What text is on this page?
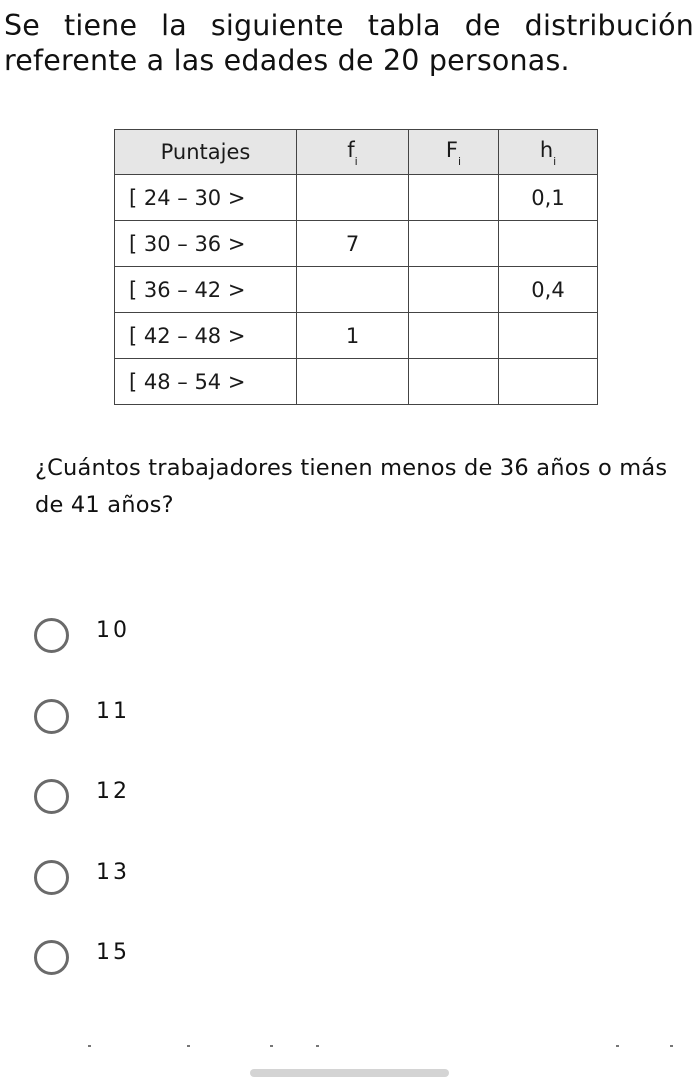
Se tiene la siguiente tabla de distribución
referente a las edades de 20 personas.
Puntajes	$f_i$	$F_i$	$h_i$
[ 24 – 30 >			0,1
[ 30 – 36 >	7		
[ 36 – 42 >			0,4
[ 42 – 48 >	1		
[ 48 – 54 >			
¿Cuántos trabajadores tienen menos de 36 años o más
de 41 años?
10
11
12
13
15
